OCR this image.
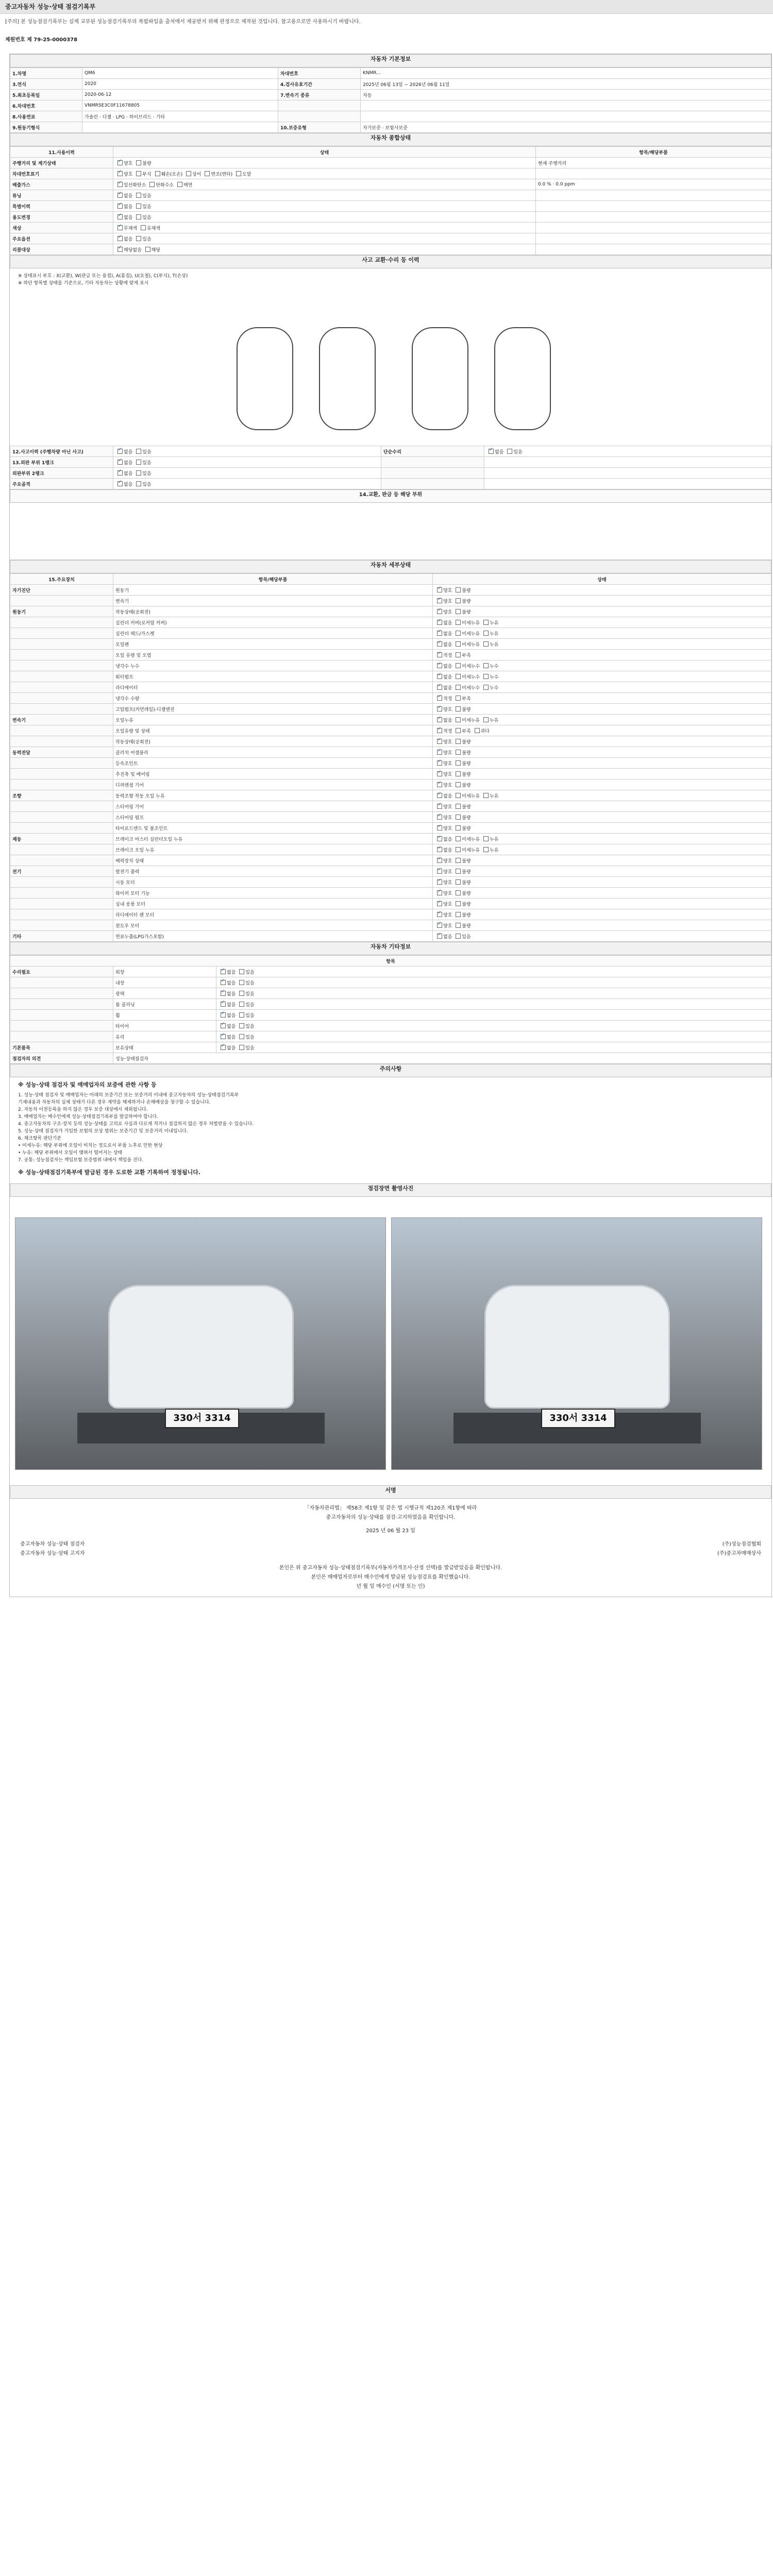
중고자동차 성능·상태 점검기록부
[주의] 본 성능점검기록부는 실제 교부된 성능점검기록부의 복합파일을 출처에서 제공받지 위해 판정으로 제작된 것입니다. 참고용으로만 사용하시기 바랍니다.
제원번호 제 79-25-0000378
자동차 기본정보
1.차명	QM6	차대번호	KNMR...
3.연식	2020	4.검사유효기간	2025년 06월 13일 ~ 2026년 06월 11일
5.최초등록일	2020-06-12	7.변속기 종류	자동
6.차대번호	VNMRSE3C0F11678805		
8.사용연료	가솔린 · 디젤 · LPG · 하이브리드 · 기타		
9.원동기형식		10.보증유형	자가보증 · 보험사보증
자동차 종합상태
11.사용이력	상태	항목/해당부품
주행거리 및 계기상태	✓양호 불량	현재 주행거리
차대번호표기	✓양호 부식 훼손(오손) 상이 변조(변타) 도말	
배출가스	✓일산화탄소 탄화수소 매연	0.0 % · 0.0 ppm
튜닝	✓없음 있음	
특별이력	✓없음 있음	
용도변경	✓없음 있음	
색상	✓무채색 유채색	
주요옵션	✓없음 있음	
리콜대상	✓해당없음 해당	
사고 교환·수리 등 이력
※ 상태표시 부호 : X(교환), W(판금 또는 용접), A(흠집), U(요철), C(부식), T(손상)
※ 하단 항목별 상태를 기준으로, 기타 자동차는 상황에 맞게 표시
12.사고이력 (주행차량 아닌 사고)	✓없음 있음	단순수리	✓없음 있음
13.외판 부위 1랭크	✓없음 있음		
외판부위 2랭크	✓없음 있음		
주요골격	✓없음 있음		
14.교환, 판금 등 해당 부위
자동차 세부상태
15.주요장치	항목/해당부품	상태
자기진단	원동기	✓양호 불량
	변속기	✓양호 불량
원동기	작동상태(공회전)	✓양호 불량
	실린더 커버(로커암 커버)	✓없음 미세누유 누유
	실린더 헤드/가스켓	✓없음 미세누유 누유
	오일팬	✓없음 미세누유 누유
	오일 유량 및 오염	✓적정 부족
	냉각수 누수	✓없음 미세누수 누수
	워터펌프	✓없음 미세누수 누수
	라디에이터	✓없음 미세누수 누수
	냉각수 수량	✓적정 부족
	고압펌프(커먼레일)-디젤엔진	✓양호 불량
변속기	오일누유	✓없음 미세누유 누유
	오일유량 및 상태	✓적정 부족 과다
	작동상태(공회전)	✓양호 불량
동력전달	클러치 어셈블리	✓양호 불량
	등속조인트	✓양호 불량
	추진축 및 베어링	✓양호 불량
	디퍼렌셜 기어	✓양호 불량
조향	동력조향 작동 오일 누유	✓없음 미세누유 누유
	스티어링 기어	✓양호 불량
	스티어링 펌프	✓양호 불량
	타이로드엔드 및 볼조인트	✓양호 불량
제동	브레이크 마스터 실린더오일 누유	✓없음 미세누유 누유
	브레이크 오일 누유	✓없음 미세누유 누유
	배력장치 상태	✓양호 불량
전기	발전기 출력	✓양호 불량
	시동 모터	✓양호 불량
	와이퍼 모터 기능	✓양호 불량
	실내 송풍 모터	✓양호 불량
	라디에이터 팬 모터	✓양호 불량
	윈도우 모터	✓양호 불량
기타	연료누출(LPG가스포함)	✓없음 있음
자동차 기타정보
항목		
수리필요	외장	✓없음 있음
	내장	✓없음 있음
	광택	✓없음 있음
	룸 클리닝	✓없음 있음
	휠	✓없음 있음
	타이어	✓없음 있음
	유리	✓없음 있음
기본품목	보유상태	✓없음 있음
점검자의 의견	성능·상태점검자	
주의사항
※ 성능·상태 점검자 및 매매업자의 보증에 관한 사항 등
1. 성능·상태 점검자 및 매매업자는 아래의 보증기간 또는 보증거리 이내에 중고자동차의 성능·상태점검기록부
기재내용과 자동차의 실제 상태가 다른 경우 계약을 해제하거나 손해배상을 청구할 수 있습니다.
2. 자동차 이전등록을 하지 않은 경우 보증 대상에서 제외됩니다.
3. 매매업자는 매수인에게 성능·상태점검기록부를 발급하여야 합니다.
4. 중고자동차의 구조·장치 등의 성능·상태를 고의로 사실과 다르게 적거나 점검하지 않은 경우 처벌받을 수 있습니다.
5. 성능·상태 점검자가 가입한 보험의 보상 범위는 보증기간 및 보증거리 이내입니다.
6. 체크항목 판단기준
• 미세누유: 해당 부위에 오일이 비치는 정도로서 부품 노후로 인한 현상
• 누유: 해당 부위에서 오일이 맺혀서 떨어지는 상태
7. 공통: 성능점검자는 책임보험 보증범위 내에서 책임을 진다.
※ 성능·상태점검기록부에 발급된 경우 도로한 교환 기록하여 정정됩니다.
점검장면 촬영사진
330서 3314	330서 3314
서명
「자동차관리법」 제58조 제1항 및 같은 법 시행규칙 제120조 제1항에 따라
중고자동차의 성능·상태를 점검·고지하였음을 확인합니다.
2025 년 06 월 23 일
중고자동차 성능·상태 점검자	(주)성능점검협회
중고자동차 성능·상태 고지자	(주)중고차매매상사
본인은 위 중고자동차 성능·상태점검기록부(자동차가격조사·산정 선택)를 발급받았음을 확인합니다.
본인은 매매업자로부터 매수인에게 발급된 성능점검표를 확인했습니다.
년 월 일 매수인 (서명 또는 인)
